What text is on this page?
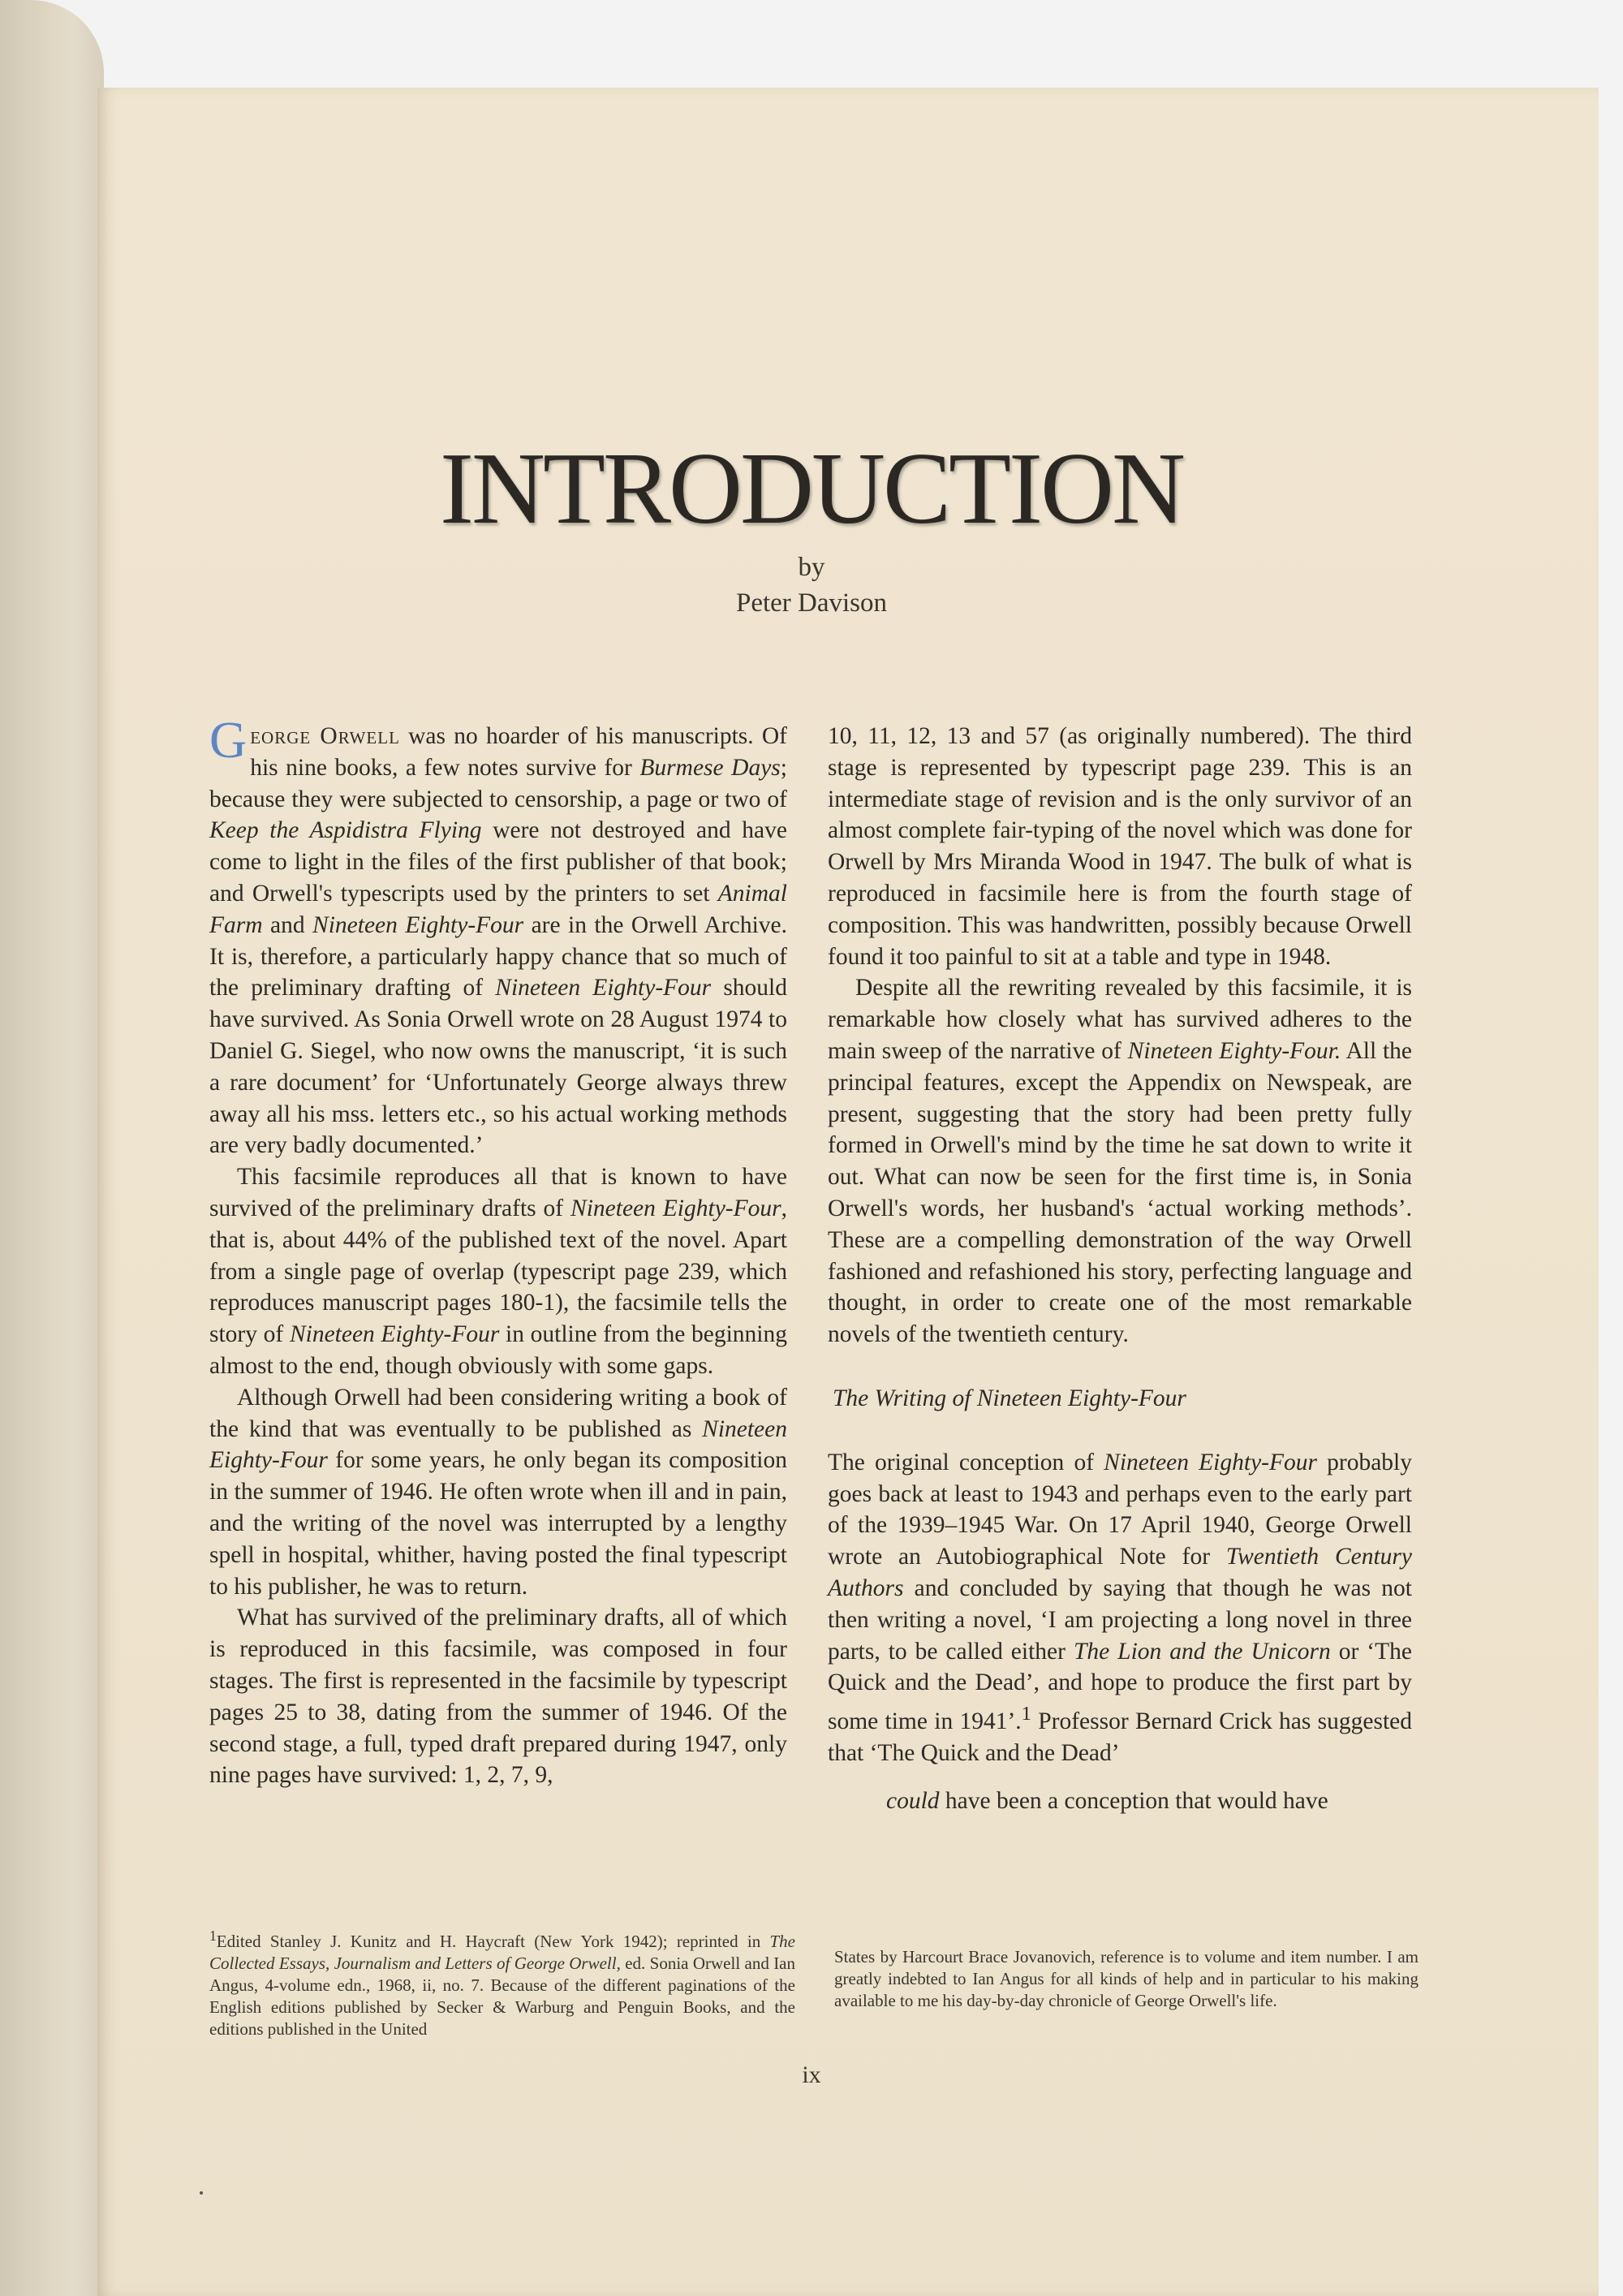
INTRODUCTION
by
Peter Davison

George Orwell was no hoarder of his manuscripts. Of his nine books, a few notes survive for Burmese Days; because they were subjected to censorship, a page or two of Keep the Aspidistra Flying were not destroyed and have come to light in the files of the first publisher of that book; and Orwell's typescripts used by the printers to set Animal Farm and Nineteen Eighty-Four are in the Orwell Archive. It is, therefore, a particularly happy chance that so much of the preliminary drafting of Nineteen Eighty-Four should have survived. As Sonia Orwell wrote on 28 August 1974 to Daniel G. Siegel, who now owns the manuscript, ‘it is such a rare document’ for ‘Unfortunately George always threw away all his mss. letters etc., so his actual working methods are very badly documented.’

This facsimile reproduces all that is known to have survived of the preliminary drafts of Nineteen Eighty-Four, that is, about 44% of the published text of the novel. Apart from a single page of overlap (typescript page 239, which reproduces manuscript pages 180-1), the facsimile tells the story of Nineteen Eighty-Four in outline from the beginning almost to the end, though obviously with some gaps.

Although Orwell had been considering writing a book of the kind that was eventually to be published as Nineteen Eighty-Four for some years, he only began its composition in the summer of 1946. He often wrote when ill and in pain, and the writing of the novel was interrupted by a lengthy spell in hospital, whither, having posted the final typescript to his publisher, he was to return.

What has survived of the preliminary drafts, all of which is reproduced in this facsimile, was composed in four stages. The first is represented in the facsimile by typescript pages 25 to 38, dating from the summer of 1946. Of the second stage, a full, typed draft prepared during 1947, only nine pages have survived: 1, 2, 7, 9,

10, 11, 12, 13 and 57 (as originally numbered). The third stage is represented by typescript page 239. This is an intermediate stage of revision and is the only survivor of an almost complete fair-typing of the novel which was done for Orwell by Mrs Miranda Wood in 1947. The bulk of what is reproduced in facsimile here is from the fourth stage of composition. This was handwritten, possibly because Orwell found it too painful to sit at a table and type in 1948.

Despite all the rewriting revealed by this facsimile, it is remarkable how closely what has survived adheres to the main sweep of the narrative of Nineteen Eighty-Four. All the principal features, except the Appendix on Newspeak, are present, suggesting that the story had been pretty fully formed in Orwell's mind by the time he sat down to write it out. What can now be seen for the first time is, in Sonia Orwell's words, her husband's ‘actual working methods’. These are a compelling demonstration of the way Orwell fashioned and refashioned his story, perfecting language and thought, in order to create one of the most remarkable novels of the twentieth century.

The Writing of Nineteen Eighty-Four

The original conception of Nineteen Eighty-Four probably goes back at least to 1943 and perhaps even to the early part of the 1939–1945 War. On 17 April 1940, George Orwell wrote an Autobiographical Note for Twentieth Century Authors and concluded by saying that though he was not then writing a novel, ‘I am projecting a long novel in three parts, to be called either The Lion and the Unicorn or ‘The Quick and the Dead’, and hope to produce the first part by some time in 1941’.$^1$ Professor Bernard Crick has suggested that ‘The Quick and the Dead’

could have been a conception that would have

$^1$Edited Stanley J. Kunitz and H. Haycraft (New York 1942); reprinted in The Collected Essays, Journalism and Letters of George Orwell, ed. Sonia Orwell and Ian Angus, 4-volume edn., 1968, ii, no. 7. Because of the different paginations of the English editions published by Secker & Warburg and Penguin Books, and the editions published in the United
States by Harcourt Brace Jovanovich, reference is to volume and item number. I am greatly indebted to Ian Angus for all kinds of help and in particular to his making available to me his day-by-day chronicle of George Orwell's life.
ix
